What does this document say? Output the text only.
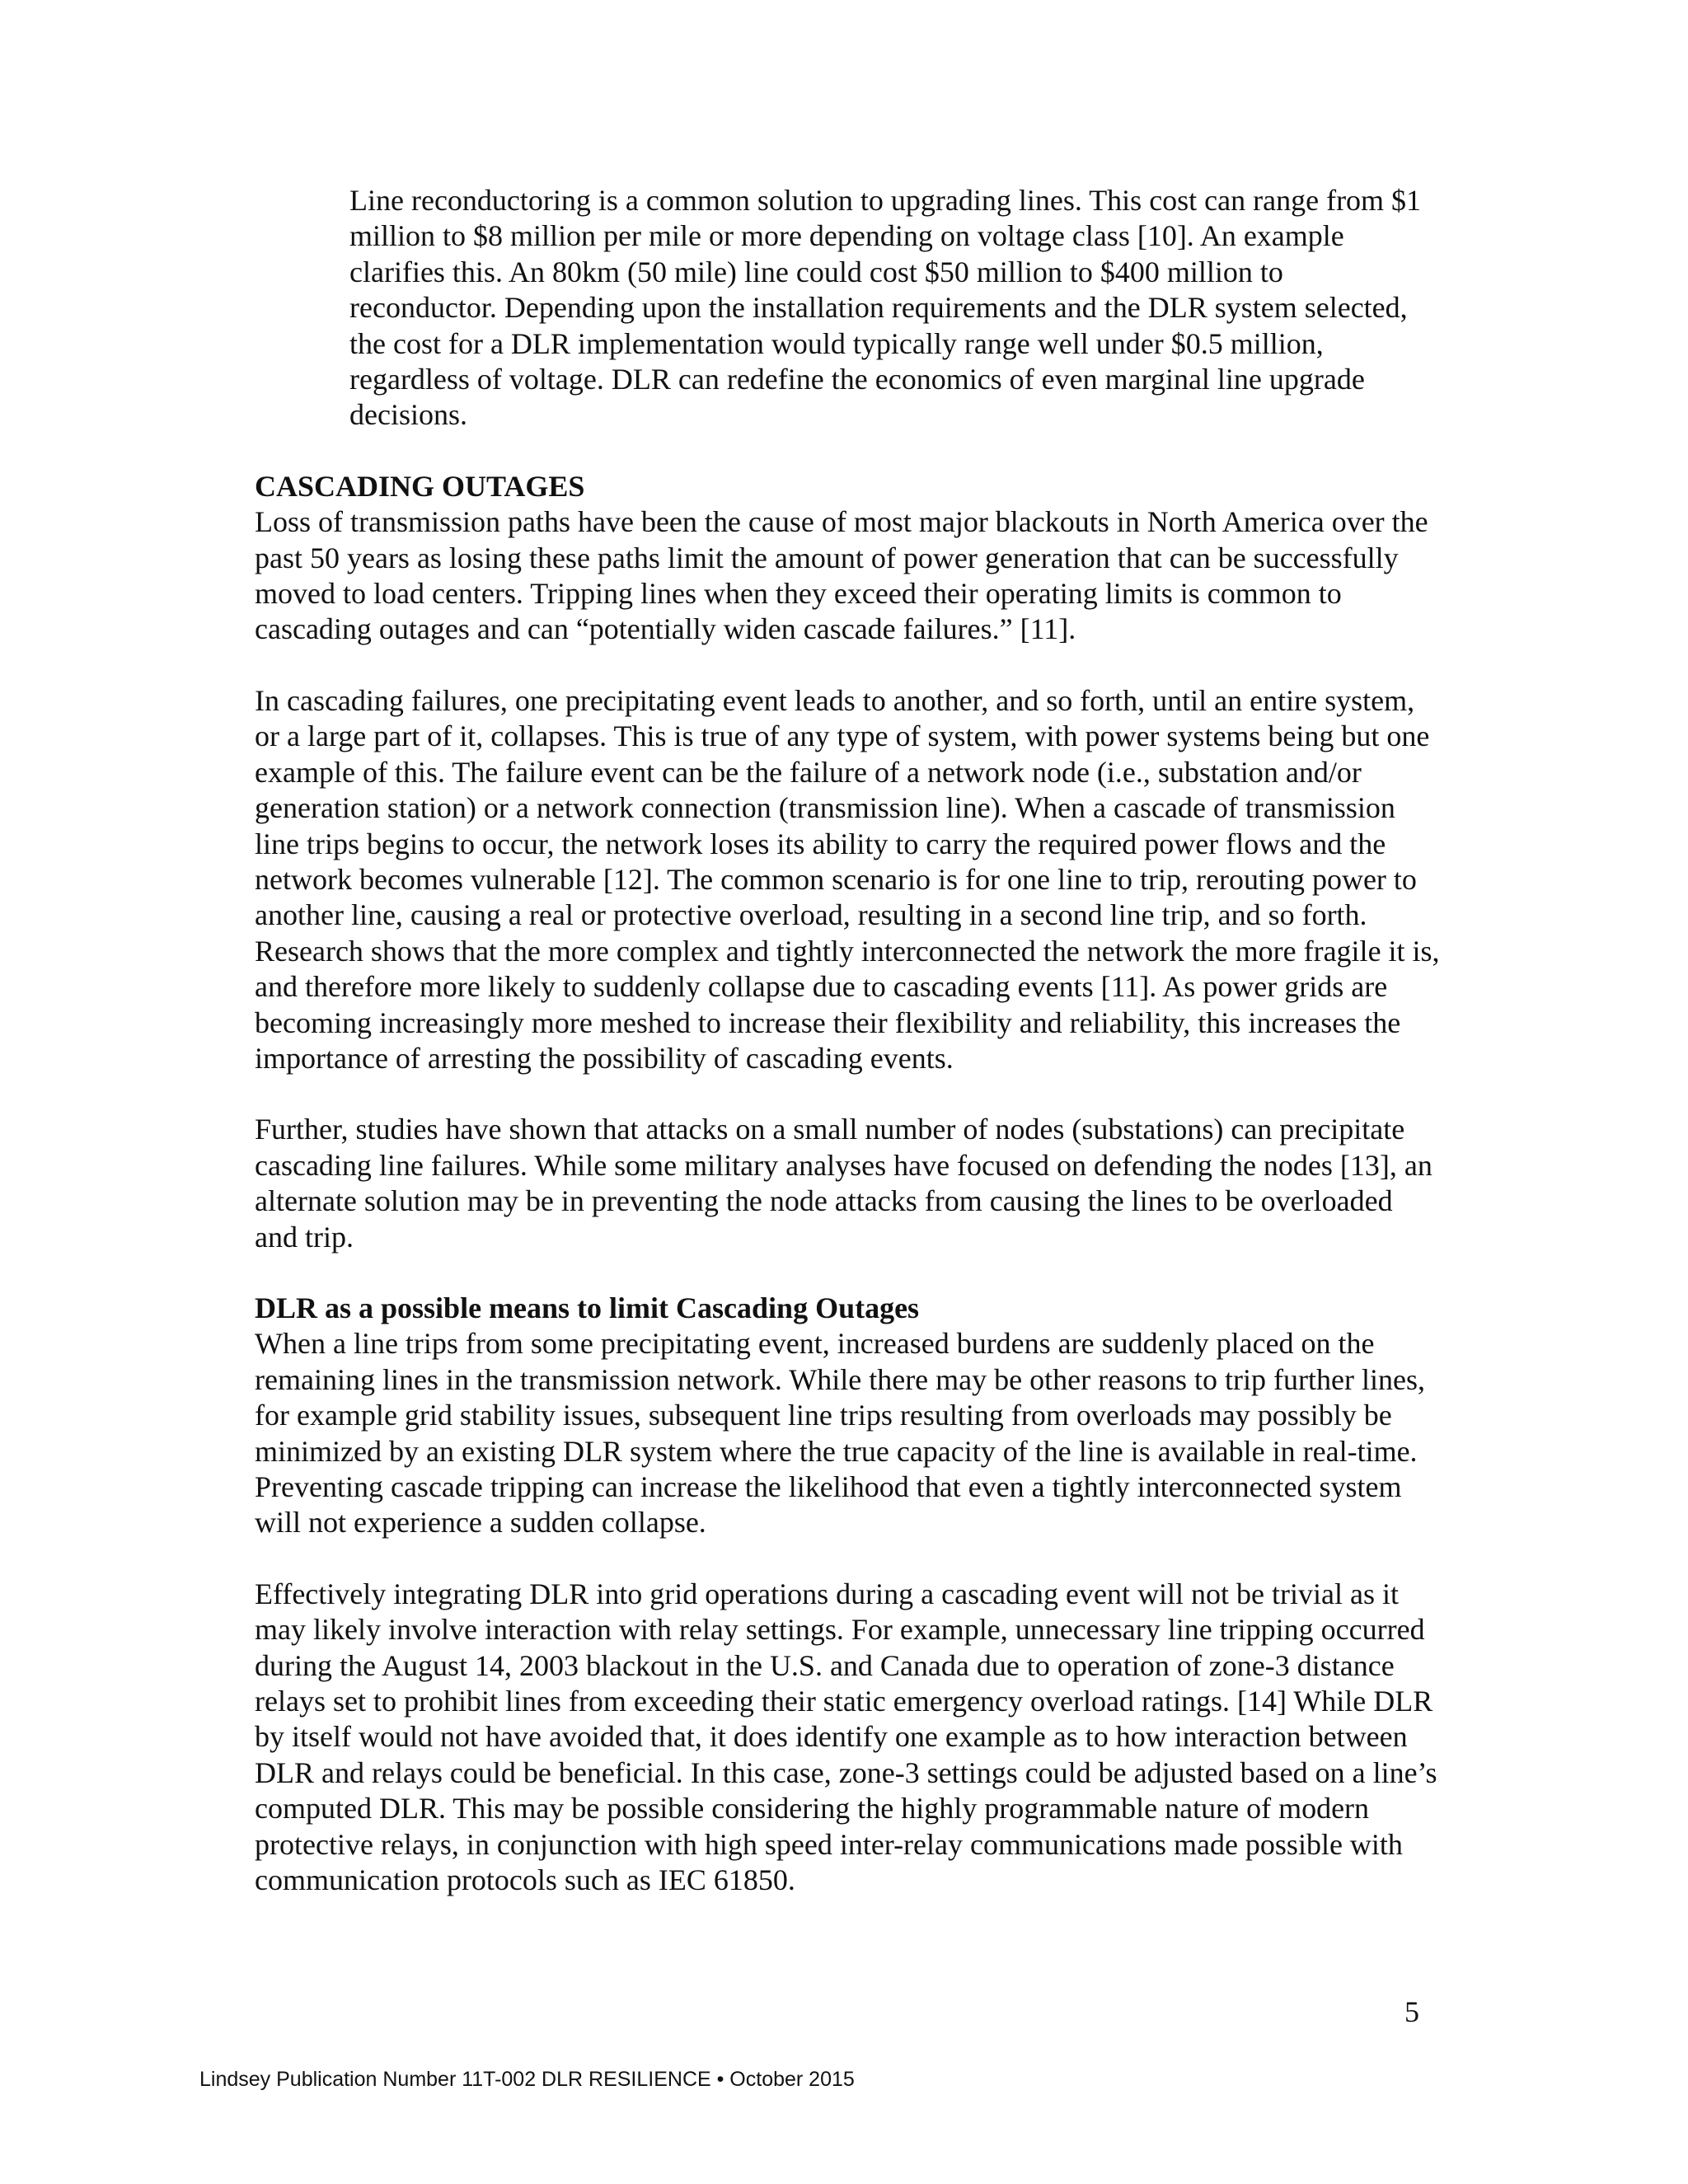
Line reconductoring is a common solution to upgrading lines. This cost can range from $1 million to $8 million per mile or more depending on voltage class [10]. An example clarifies this. An 80km (50 mile) line could cost $50 million to $400 million to reconductor. Depending upon the installation requirements and the DLR system selected, the cost for a DLR implementation would typically range well under $0.5 million, regardless of voltage. DLR can redefine the economics of even marginal line upgrade decisions.

CASCADING OUTAGES

Loss of transmission paths have been the cause of most major blackouts in North America over the past 50 years as losing these paths limit the amount of power generation that can be successfully moved to load centers. Tripping lines when they exceed their operating limits is common to cascading outages and can “potentially widen cascade failures.” [11].

In cascading failures, one precipitating event leads to another, and so forth, until an entire system, or a large part of it, collapses. This is true of any type of system, with power systems being but one example of this. The failure event can be the failure of a network node (i.e., substation and/or generation station) or a network connection (transmission line). When a cascade of transmission line trips begins to occur, the network loses its ability to carry the required power flows and the network becomes vulnerable [12]. The common scenario is for one line to trip, rerouting power to another line, causing a real or protective overload, resulting in a second line trip, and so forth. Research shows that the more complex and tightly interconnected the network the more fragile it is, and therefore more likely to suddenly collapse due to cascading events [11]. As power grids are becoming increasingly more meshed to increase their flexibility and reliability, this increases the importance of arresting the possibility of cascading events.

Further, studies have shown that attacks on a small number of nodes (substations) can precipitate cascading line failures. While some military analyses have focused on defending the nodes [13], an alternate solution may be in preventing the node attacks from causing the lines to be overloaded and trip.

DLR as a possible means to limit Cascading Outages

When a line trips from some precipitating event, increased burdens are suddenly placed on the remaining lines in the transmission network. While there may be other reasons to trip further lines, for example grid stability issues, subsequent line trips resulting from overloads may possibly be minimized by an existing DLR system where the true capacity of the line is available in real-time. Preventing cascade tripping can increase the likelihood that even a tightly interconnected system will not experience a sudden collapse.

Effectively integrating DLR into grid operations during a cascading event will not be trivial as it may likely involve interaction with relay settings. For example, unnecessary line tripping occurred during the August 14, 2003 blackout in the U.S. and Canada due to operation of zone-3 distance relays set to prohibit lines from exceeding their static emergency overload ratings. [14] While DLR by itself would not have avoided that, it does identify one example as to how interaction between DLR and relays could be beneficial. In this case, zone-3 settings could be adjusted based on a line’s computed DLR. This may be possible considering the highly programmable nature of modern protective relays, in conjunction with high speed inter-relay communications made possible with communication protocols such as IEC 61850.

5
Lindsey Publication Number 11T-002 DLR RESILIENCE • October 2015
